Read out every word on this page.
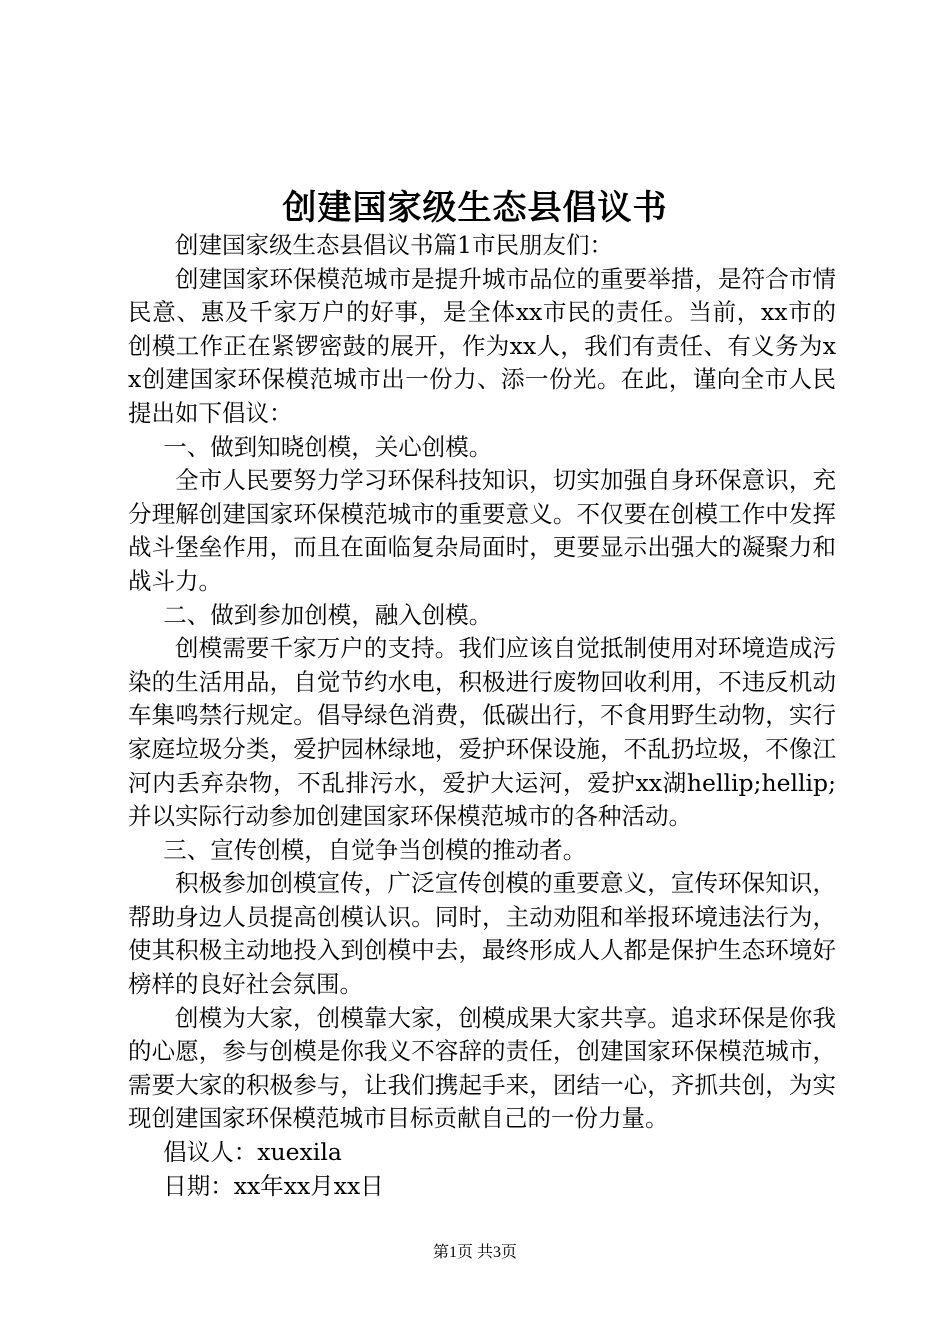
创建国家级生态县倡议书

创建国家级生态县倡议书篇1市民朋友们：

创建国家环保模范城市是提升城市品位的重要举措，是符合市情民意、惠及千家万户的好事，是全体xx市民的责任。当前，xx市的创模工作正在紧锣密鼓的展开，作为xx人，我们有责任、有义务为xx创建国家环保模范城市出一份力、添一份光。在此，谨向全市人民提出如下倡议：

一、做到知晓创模，关心创模。

全市人民要努力学习环保科技知识，切实加强自身环保意识，充分理解创建国家环保模范城市的重要意义。不仅要在创模工作中发挥战斗堡垒作用，而且在面临复杂局面时，更要显示出强大的凝聚力和战斗力。

二、做到参加创模，融入创模。

创模需要千家万户的支持。我们应该自觉抵制使用对环境造成污染的生活用品，自觉节约水电，积极进行废物回收利用，不违反机动车集鸣禁行规定。倡导绿色消费，低碳出行，不食用野生动物，实行家庭垃圾分类，爱护园林绿地，爱护环保设施，不乱扔垃圾，不像江河内丢弃杂物，不乱排污水，爱护大运河，爱护xx湖hellip;hellip;并以实际行动参加创建国家环保模范城市的各种活动。

三、宣传创模，自觉争当创模的推动者。

积极参加创模宣传，广泛宣传创模的重要意义，宣传环保知识，帮助身边人员提高创模认识。同时，主动劝阻和举报环境违法行为，使其积极主动地投入到创模中去，最终形成人人都是保护生态环境好榜样的良好社会氛围。

创模为大家，创模靠大家，创模成果大家共享。追求环保是你我的心愿，参与创模是你我义不容辞的责任，创建国家环保模范城市，需要大家的积极参与，让我们携起手来，团结一心，齐抓共创，为实现创建国家环保模范城市目标贡献自己的一份力量。

倡议人：xuexila

日期：xx年xx月xx日

第1页 共3页
